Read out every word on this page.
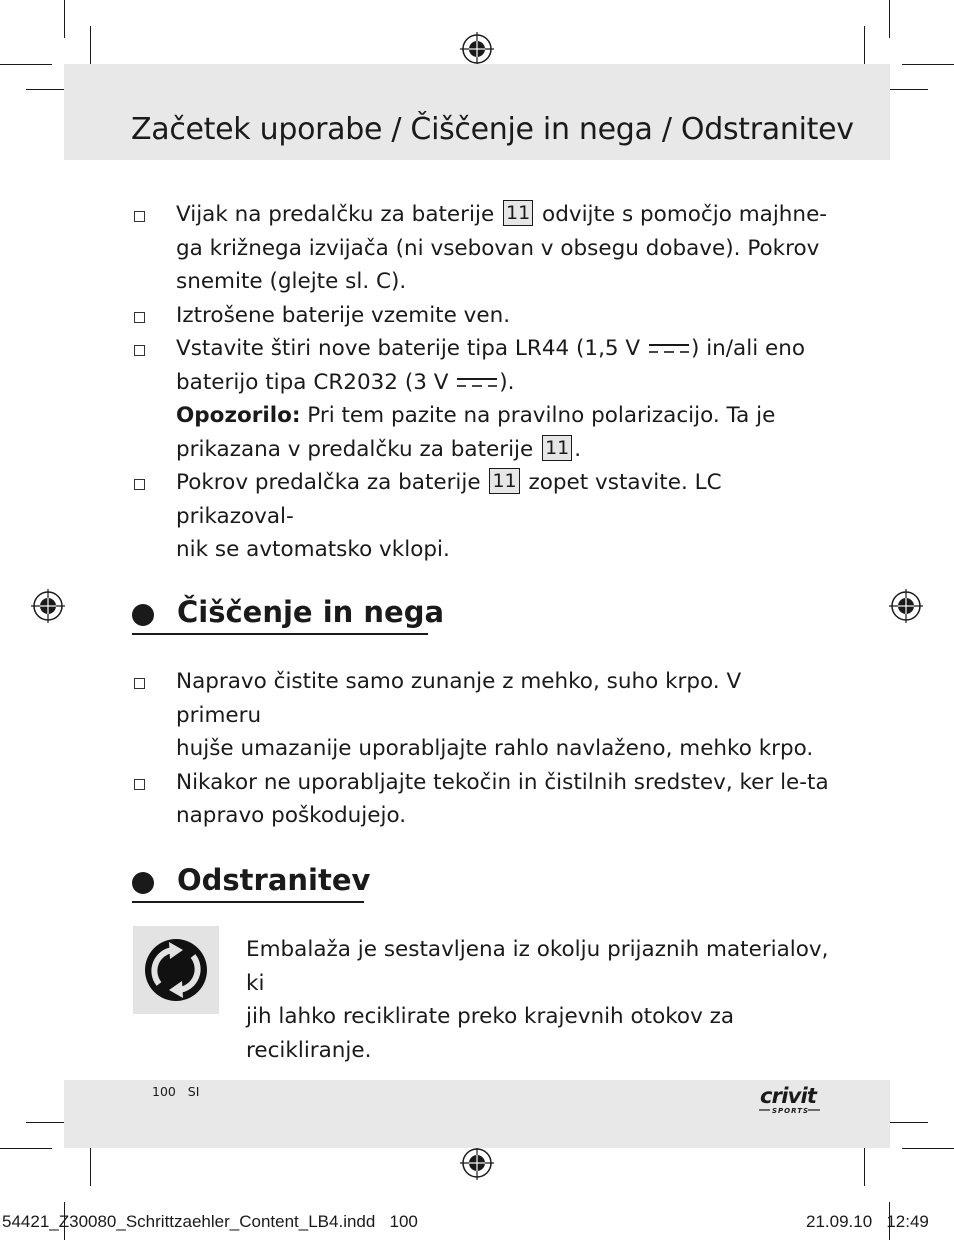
Začetek uporabe / Čiščenje in nega / Odstranitev
Vijak na predalčku za baterije 11 odvijte s pomočjo majhne-
ga križnega izvijača (ni vsebovan v obsegu dobave). Pokrov
snemite (glejte sl. C).
Iztrošene baterije vzemite ven.
Vstavite štiri nove baterije tipa LR44 (1,5 V
) in/ali eno
baterijo tipa CR2032 (3 V
).
Opozorilo: Pri tem pazite na pravilno polarizacijo. Ta je
prikazana v predalčku za baterije 11 .
Pokrov predalčka za baterije 11 zopet vstavite. LC prikazoval-
nik se avtomatsko vklopi.
Čiščenje in nega
Napravo čistite samo zunanje z mehko, suho krpo. V primeru
hujše umazanije uporabljajte rahlo navlaženo, mehko krpo.
Nikakor ne uporabljajte tekočin in čistilnih sredstev, ker le-ta
napravo poškodujejo.
Odstranitev
Embalaža je sestavljena iz okolju prijaznih materialov, ki
jih lahko reciklirate preko krajevnih otokov za recikliranje.
100   SI	crivit
SPORTS
54421_Z30080_Schrittzaehler_Content_LB4.indd   100	21.09.10   12:49
